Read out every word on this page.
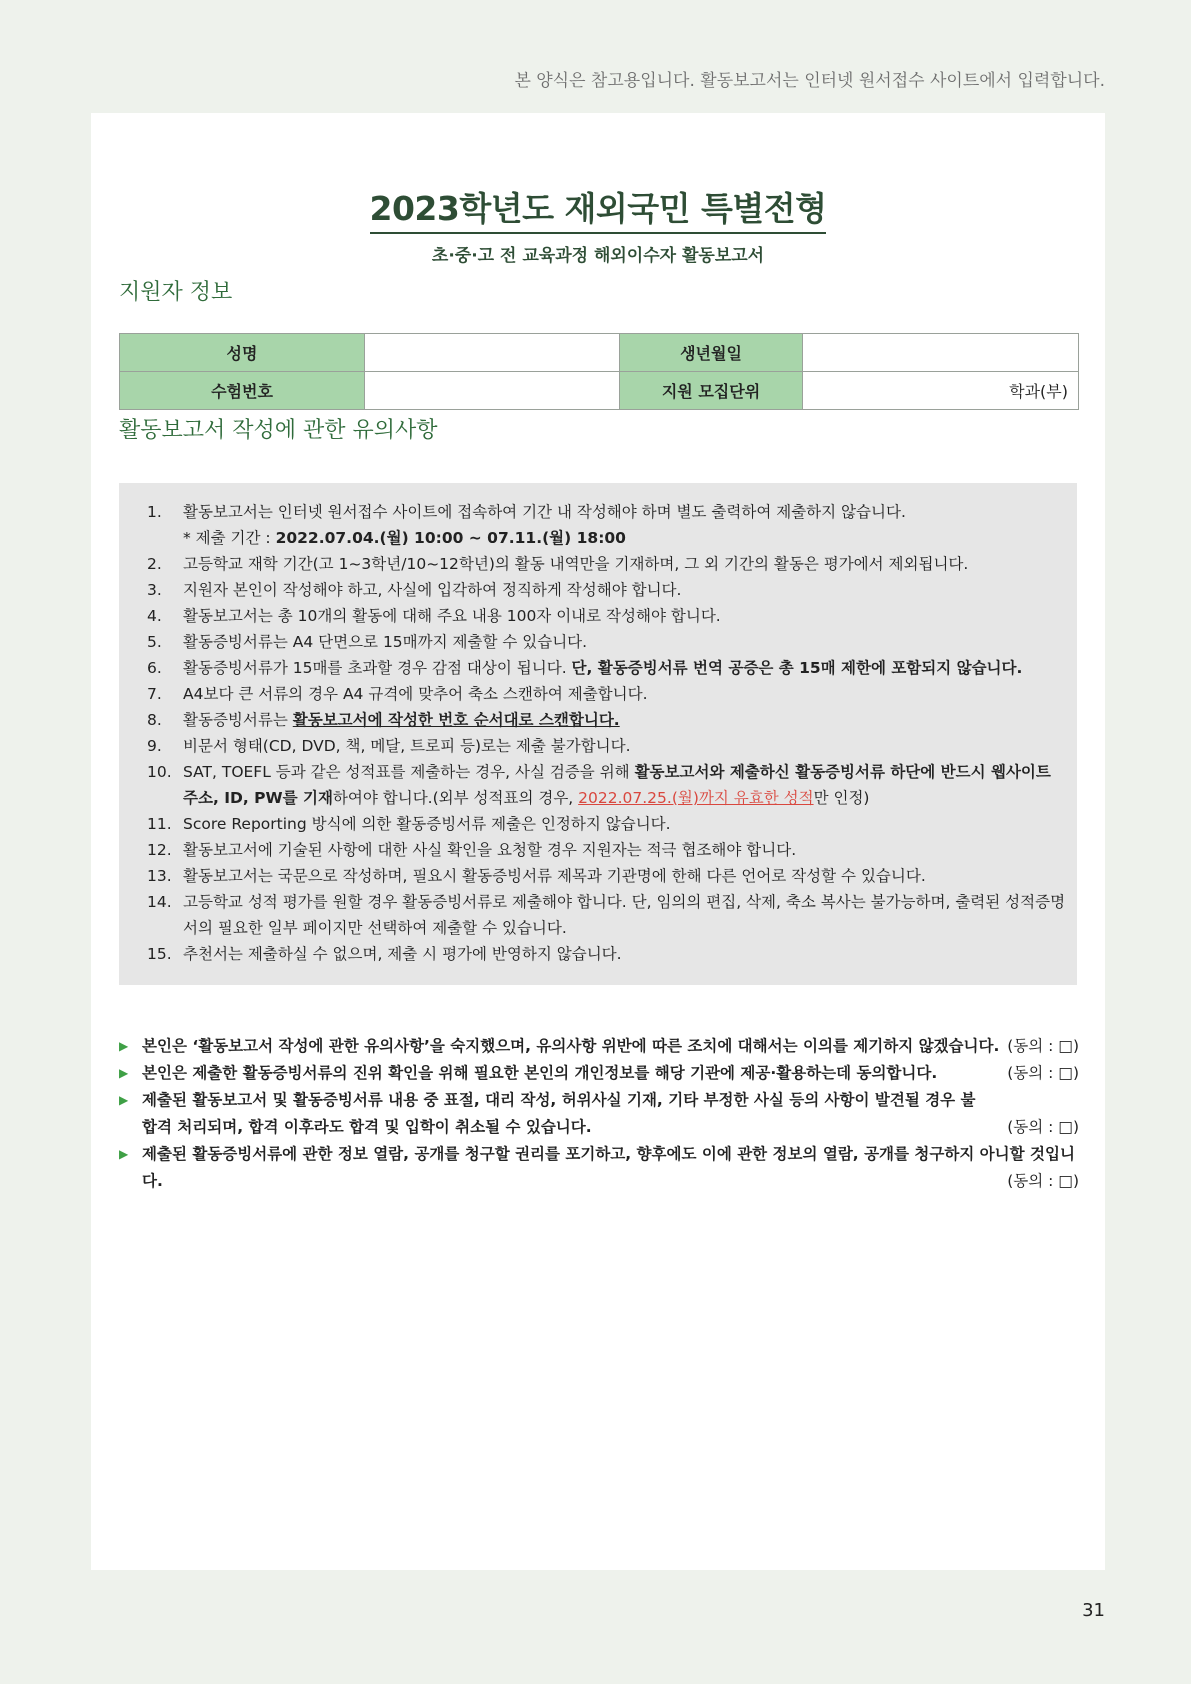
본 양식은 참고용입니다. 활동보고서는 인터넷 원서접수 사이트에서 입력합니다.
2023학년도 재외국민 특별전형
초·중·고 전 교육과정 해외이수자 활동보고서
지원자 정보
성명		생년월일	
수험번호		지원 모집단위	학과(부)
활동보고서 작성에 관한 유의사항
1. 활동보고서는 인터넷 원서접수 사이트에 접속하여 기간 내 작성해야 하며 별도 출력하여 제출하지 않습니다.
* 제출 기간 : 2022.07.04.(월) 10:00 ~ 07.11.(월) 18:00
2. 고등학교 재학 기간(고 1~3학년/10~12학년)의 활동 내역만을 기재하며, 그 외 기간의 활동은 평가에서 제외됩니다.
3. 지원자 본인이 작성해야 하고, 사실에 입각하여 정직하게 작성해야 합니다.
4. 활동보고서는 총 10개의 활동에 대해 주요 내용 100자 이내로 작성해야 합니다.
5. 활동증빙서류는 A4 단면으로 15매까지 제출할 수 있습니다.
6. 활동증빙서류가 15매를 초과할 경우 감점 대상이 됩니다. 단, 활동증빙서류 번역 공증은 총 15매 제한에 포함되지 않습니다.
7. A4보다 큰 서류의 경우 A4 규격에 맞추어 축소 스캔하여 제출합니다.
8. 활동증빙서류는 활동보고서에 작성한 번호 순서대로 스캔합니다.
9. 비문서 형태(CD, DVD, 책, 메달, 트로피 등)로는 제출 불가합니다.
10. SAT, TOEFL 등과 같은 성적표를 제출하는 경우, 사실 검증을 위해 활동보고서와 제출하신 활동증빙서류 하단에 반드시 웹사이트 주소, ID, PW를 기재하여야 합니다.(외부 성적표의 경우, 2022.07.25.(월)까지 유효한 성적만 인정)
11. Score Reporting 방식에 의한 활동증빙서류 제출은 인정하지 않습니다.
12. 활동보고서에 기술된 사항에 대한 사실 확인을 요청할 경우 지원자는 적극 협조해야 합니다.
13. 활동보고서는 국문으로 작성하며, 필요시 활동증빙서류 제목과 기관명에 한해 다른 언어로 작성할 수 있습니다.
14. 고등학교 성적 평가를 원할 경우 활동증빙서류로 제출해야 합니다. 단, 임의의 편집, 삭제, 축소 복사는 불가능하며, 출력된 성적증명서의 필요한 일부 페이지만 선택하여 제출할 수 있습니다.
15. 추천서는 제출하실 수 없으며, 제출 시 평가에 반영하지 않습니다.
▶ 본인은 ‘활동보고서 작성에 관한 유의사항’을 숙지했으며, 유의사항 위반에 따른 조치에 대해서는 이의를 제기하지 않겠습니다. (동의 : □)
▶ 본인은 제출한 활동증빙서류의 진위 확인을 위해 필요한 본인의 개인정보를 해당 기관에 제공·활용하는데 동의합니다.	(동의 : □)
▶ 제출된 활동보고서 및 활동증빙서류 내용 중 표절, 대리 작성, 허위사실 기재, 기타 부정한 사실 등의 사항이 발견될 경우 불합격 처리되며, 합격 이후라도 합격 및 입학이 취소될 수 있습니다.	(동의 : □)
▶ 제출된 활동증빙서류에 관한 정보 열람, 공개를 청구할 권리를 포기하고, 향후에도 이에 관한 정보의 열람, 공개를 청구하지 아니할 것입니다.	(동의 : □)
31
